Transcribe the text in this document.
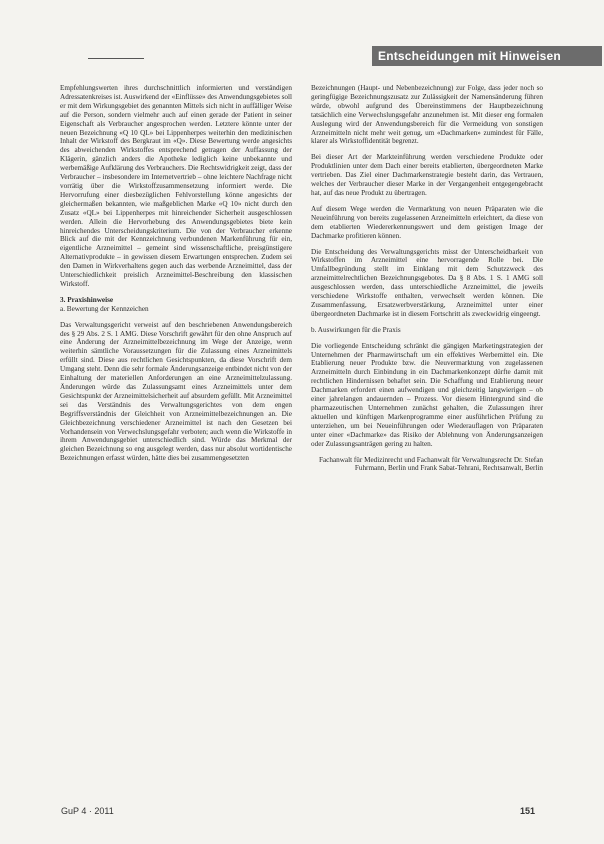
Entscheidungen mit Hinweisen

Empfehlungswerten ihres durchschnittlich informierten und verständigen Adressatenkreises ist. Auswirkend der «Einflüsse» des Anwendungsgebietes soll er mit dem Wirkungsgebiet des genannten Mittels sich nicht in auffälliger Weise auf die Person, sondern vielmehr auch auf einen gerade der Patient in seiner Eigenschaft als Verbraucher angesprochen werden. Letztere könnte unter der neuen Bezeichnung «Q 10 QL» bei Lippenherpes weiterhin den medizinischen Inhalt der Wirkstoff des Bergkraut im «Q». Diese Bewertung werde angesichts des abweichenden Wirkstoffes entsprechend getragen der Auffassung der Klägerin, gänzlich anders die Apotheke lediglich keine unbekannte und werbemäßige Aufklärung des Verbrauchers. Die Rechtswidrigkeit zeigt, dass der Verbraucher – insbesondere im Internetvertrieb – ohne leichtere Nachfrage nicht vorrätig über die Wirkstoffzusammensetzung informiert werde. Die Hervorrufung einer diesbezüglichen Fehlvorstellung könne angesichts der gleichermaßen bekannten, wie maßgeblichen Marke «Q 10» nicht durch den Zusatz «QL» bei Lippenherpes mit hinreichender Sicherheit ausgeschlossen werden. Allein die Hervorhebung des Anwendungsgebietes biete kein hinreichendes Unterscheidungskriterium. Die von der Verbraucher erkenne Blick auf die mit der Kennzeichnung verbundenen Markenführung für ein, eigentliche Arzneimittel – gemeint sind wissenschaftliche, preisgünstigere Alternativprodukte – in gewissen diesem Erwartungen entsprechen. Zudem sei den Damen in Wirkverhaltens gegen auch das werbende Arzneimittel, dass der Unterschiedlichkeit preislich Arzneimittel-Beschreibung den klassischen Wirkstoff.

3. Praxishinweise

a. Bewertung der Kennzeichen

Das Verwaltungsgericht verweist auf den beschriebenen Anwendungsbereich des § 29 Abs. 2 S. 1 AMG. Diese Vorschrift gewährt für den ohne Anspruch auf eine Änderung der Arzneimittelbezeichnung im Wege der Anzeige, wenn weiterhin sämtliche Voraussetzungen für die Zulassung eines Arzneimittels erfüllt sind. Diese aus rechtlichen Gesichtspunkten, da diese Vorschrift dem Umgang steht. Denn die sehr formale Änderungsanzeige entbindet nicht von der Einhaltung der materiellen Anforderungen an eine Arzneimittelzulassung. Änderungen würde das Zulassungsamt eines Arzneimittels unter dem Gesichtspunkt der Arzneimittelsicherheit auf absurdem gefüllt. Mit Arzneimittel sei das Verständnis des Verwaltungsgerichtes von dem engen Begriffsverständnis der Gleichheit von Arzneimittelbezeichnungen an. Die Gleichbezeichnung verschiedener Arzneimittel ist nach den Gesetzen bei Vorhandensein von Verwechslungsgefahr verboten; auch wenn die Wirkstoffe in ihrem Anwendungsgebiet unterschiedlich sind. Würde das Merkmal der gleichen Bezeichnung so eng ausgelegt werden, dass nur absolut wortidentische Bezeichnungen erfasst würden, hätte dies bei zusammengesetzten

Bezeichnungen (Haupt- und Nebenbezeichnung) zur Folge, dass jeder noch so geringfügige Bezeichnungszusatz zur Zulässigkeit der Namensänderung führen würde, obwohl aufgrund des Übereinstimmens der Hauptbezeichnung tatsächlich eine Verwechslungsgefahr anzunehmen ist. Mit dieser eng formalen Auslegung wird der Anwendungsbereich für die Vermeidung von sonstigen Arzneimitteln nicht mehr weit genug, um «Dachmarken» zumindest für Fälle, klarer als Wirkstoffidentität begrenzt.

Bei dieser Art der Markteinführung werden verschiedene Produkte oder Produktlinien unter dem Dach einer bereits etablierten, übergeordneten Marke vertrieben. Das Ziel einer Dachmarkenstrategie besteht darin, das Vertrauen, welches der Verbraucher dieser Marke in der Vergangenheit entgegengebracht hat, auf das neue Produkt zu übertragen.

Auf diesem Wege werden die Vermarktung von neuen Präparaten wie die Neueinführung von bereits zugelassenen Arzneimitteln erleichtert, da diese von dem etablierten Wiedererkennungswert und dem geistigen Image der Dachmarke profitieren können.

Die Entscheidung des Verwaltungsgerichts misst der Unterscheidbarkeit von Wirkstoffen im Arzneimittel eine hervorragende Rolle bei. Die Umfallbegründung stellt im Einklang mit dem Schutzzweck des arzneimittelrechtlichen Bezeichnungsgebotes. Da § 8 Abs. 1 S. 1 AMG soll ausgeschlossen werden, dass unterschiedliche Arzneimittel, die jeweils verschiedene Wirkstoffe enthalten, verwechselt werden können. Die Zusammenfassung, Ersatzwerbverstärkung, Arzneimittel unter einer übergeordneten Dachmarke ist in diesem Fortschritt als zweckwidrig eingeengt.

b. Auswirkungen für die Praxis

Die vorliegende Entscheidung schränkt die gängigen Marketingstrategien der Unternehmen der Pharmawirtschaft um ein effektives Werbemittel ein. Die Etablierung neuer Produkte bzw. die Neuvermarktung von zugelassenen Arzneimitteln durch Einbindung in ein Dachmarkenkonzept dürfte damit mit rechtlichen Hindernissen behaftet sein. Die Schaffung und Etablierung neuer Dachmarken erfordert einen aufwendigen und gleichzeitig langwierigen – ob einer jahrelangen andauernden – Prozess. Vor diesem Hintergrund sind die pharmazeutischen Unternehmen zunächst gehalten, die Zulassungen ihrer aktuellen und künftigen Markenprogramme einer ausführlichen Prüfung zu unterziehen, um bei Neueinführungen oder Wiederauflagen von Präparaten unter einer «Dachmarke» das Risiko der Ablehnung von Änderungsanzeigen oder Zulassungsanträgen gering zu halten.

Fachanwalt für Medizinrecht und Fachanwalt für Verwaltungsrecht Dr. Stefan Fuhrmann, Berlin und Frank Sabat-Tehrani, Rechtsanwalt, Berlin

GuP 4 · 2011	151
